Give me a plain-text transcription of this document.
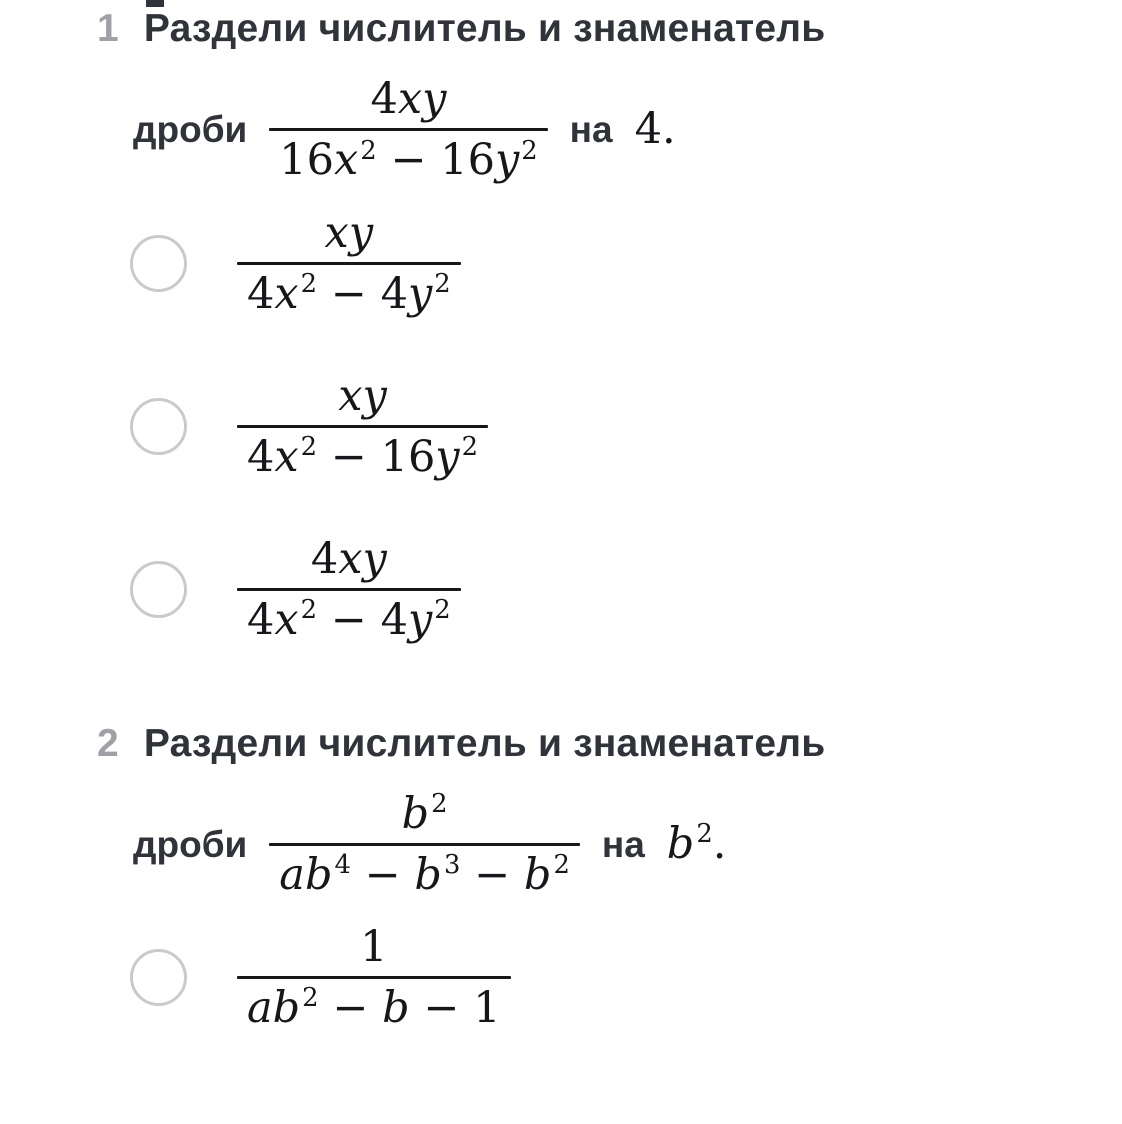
1 Раздели числитель и знаменатель
дроби $\frac{4xy}{16x^2 - 16y^2}$ на 4.
$\frac{xy}{4x^2 - 4y^2}$
$\frac{xy}{4x^2 - 16y^2}$
$\frac{4xy}{4x^2 - 4y^2}$
2 Раздели числитель и знаменатель
дроби $\frac{b^2}{ab^4 - b^3 - b^2}$ на $b^2$.
$\frac{1}{ab^2 - b - 1}$
